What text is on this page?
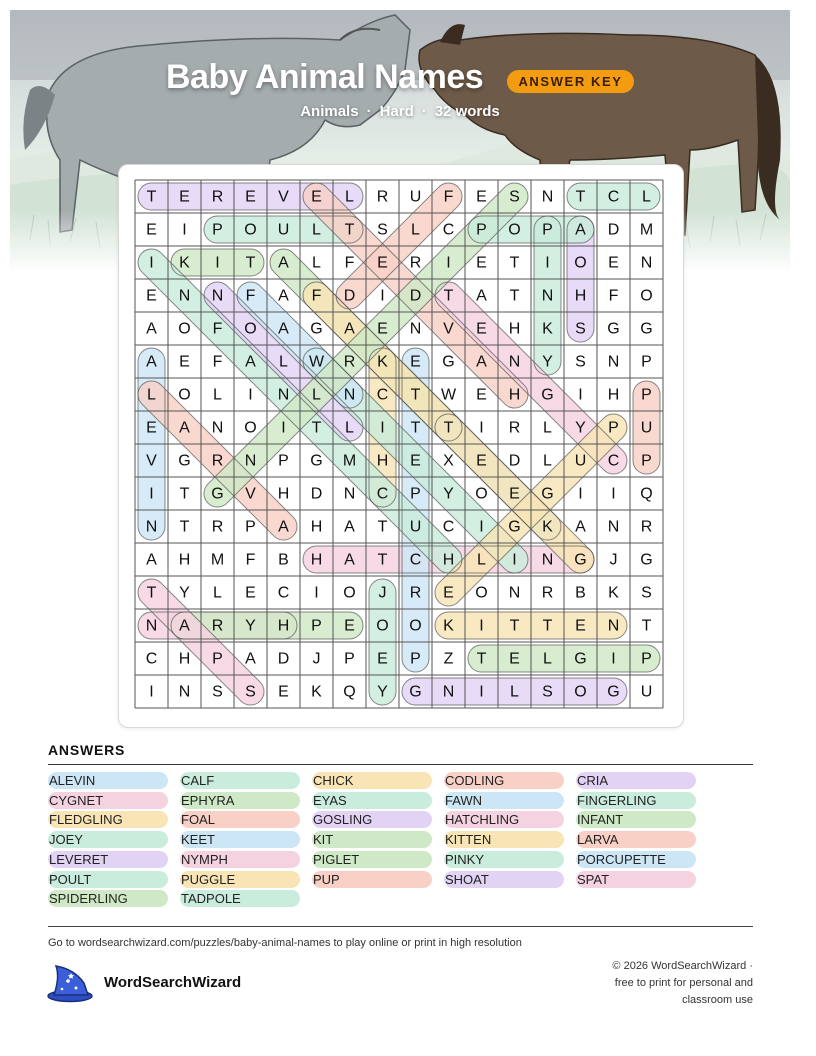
Baby Animal Names	ANSWER KEY
Animals · Hard · 32 words
T E R E V E L R U F E S N T C L
E I P O U L T S L C P O P A D M
I K I T A L F E R I E T I O E N
E N N F A F D I D T A T N H F O
A O F O A G A E N V E H K S G G
A E F A L W R K E G A N Y S N P
L O L I N L N C T W E H G I H P
E A N O I T L I T T I R L Y P U
V G R N P G M H E X E D L U C P
I T G V H D N C P Y O E G I I Q
N T R P A H A T U C I G K A N R
A H M F B H A T C H L I N G J G
T Y L E C I O J R E O N R B K S
N A R Y H P E O O K I T T E N T
C H P A D J P E P Z T E L G I P
I N S S E K Q Y G N I L S O G U
ANSWERS
ALEVIN
CYGNET
FLEDGLING
JOEY
LEVERET
POULT
SPIDERLING
CALF
EPHYRA
FOAL
KEET
NYMPH
PUGGLE
TADPOLE
CHICK
EYAS
GOSLING
KIT
PIGLET
PUP
CODLING
FAWN
HATCHLING
KITTEN
PINKY
SHOAT
CRIA
FINGERLING
INFANT
LARVA
PORCUPETTE
SPAT
Go to wordsearchwizard.com/puzzles/baby-animal-names to play online or print in high resolution
WordSearchWizard
© 2026 WordSearchWizard ·
free to print for personal and
classroom use
